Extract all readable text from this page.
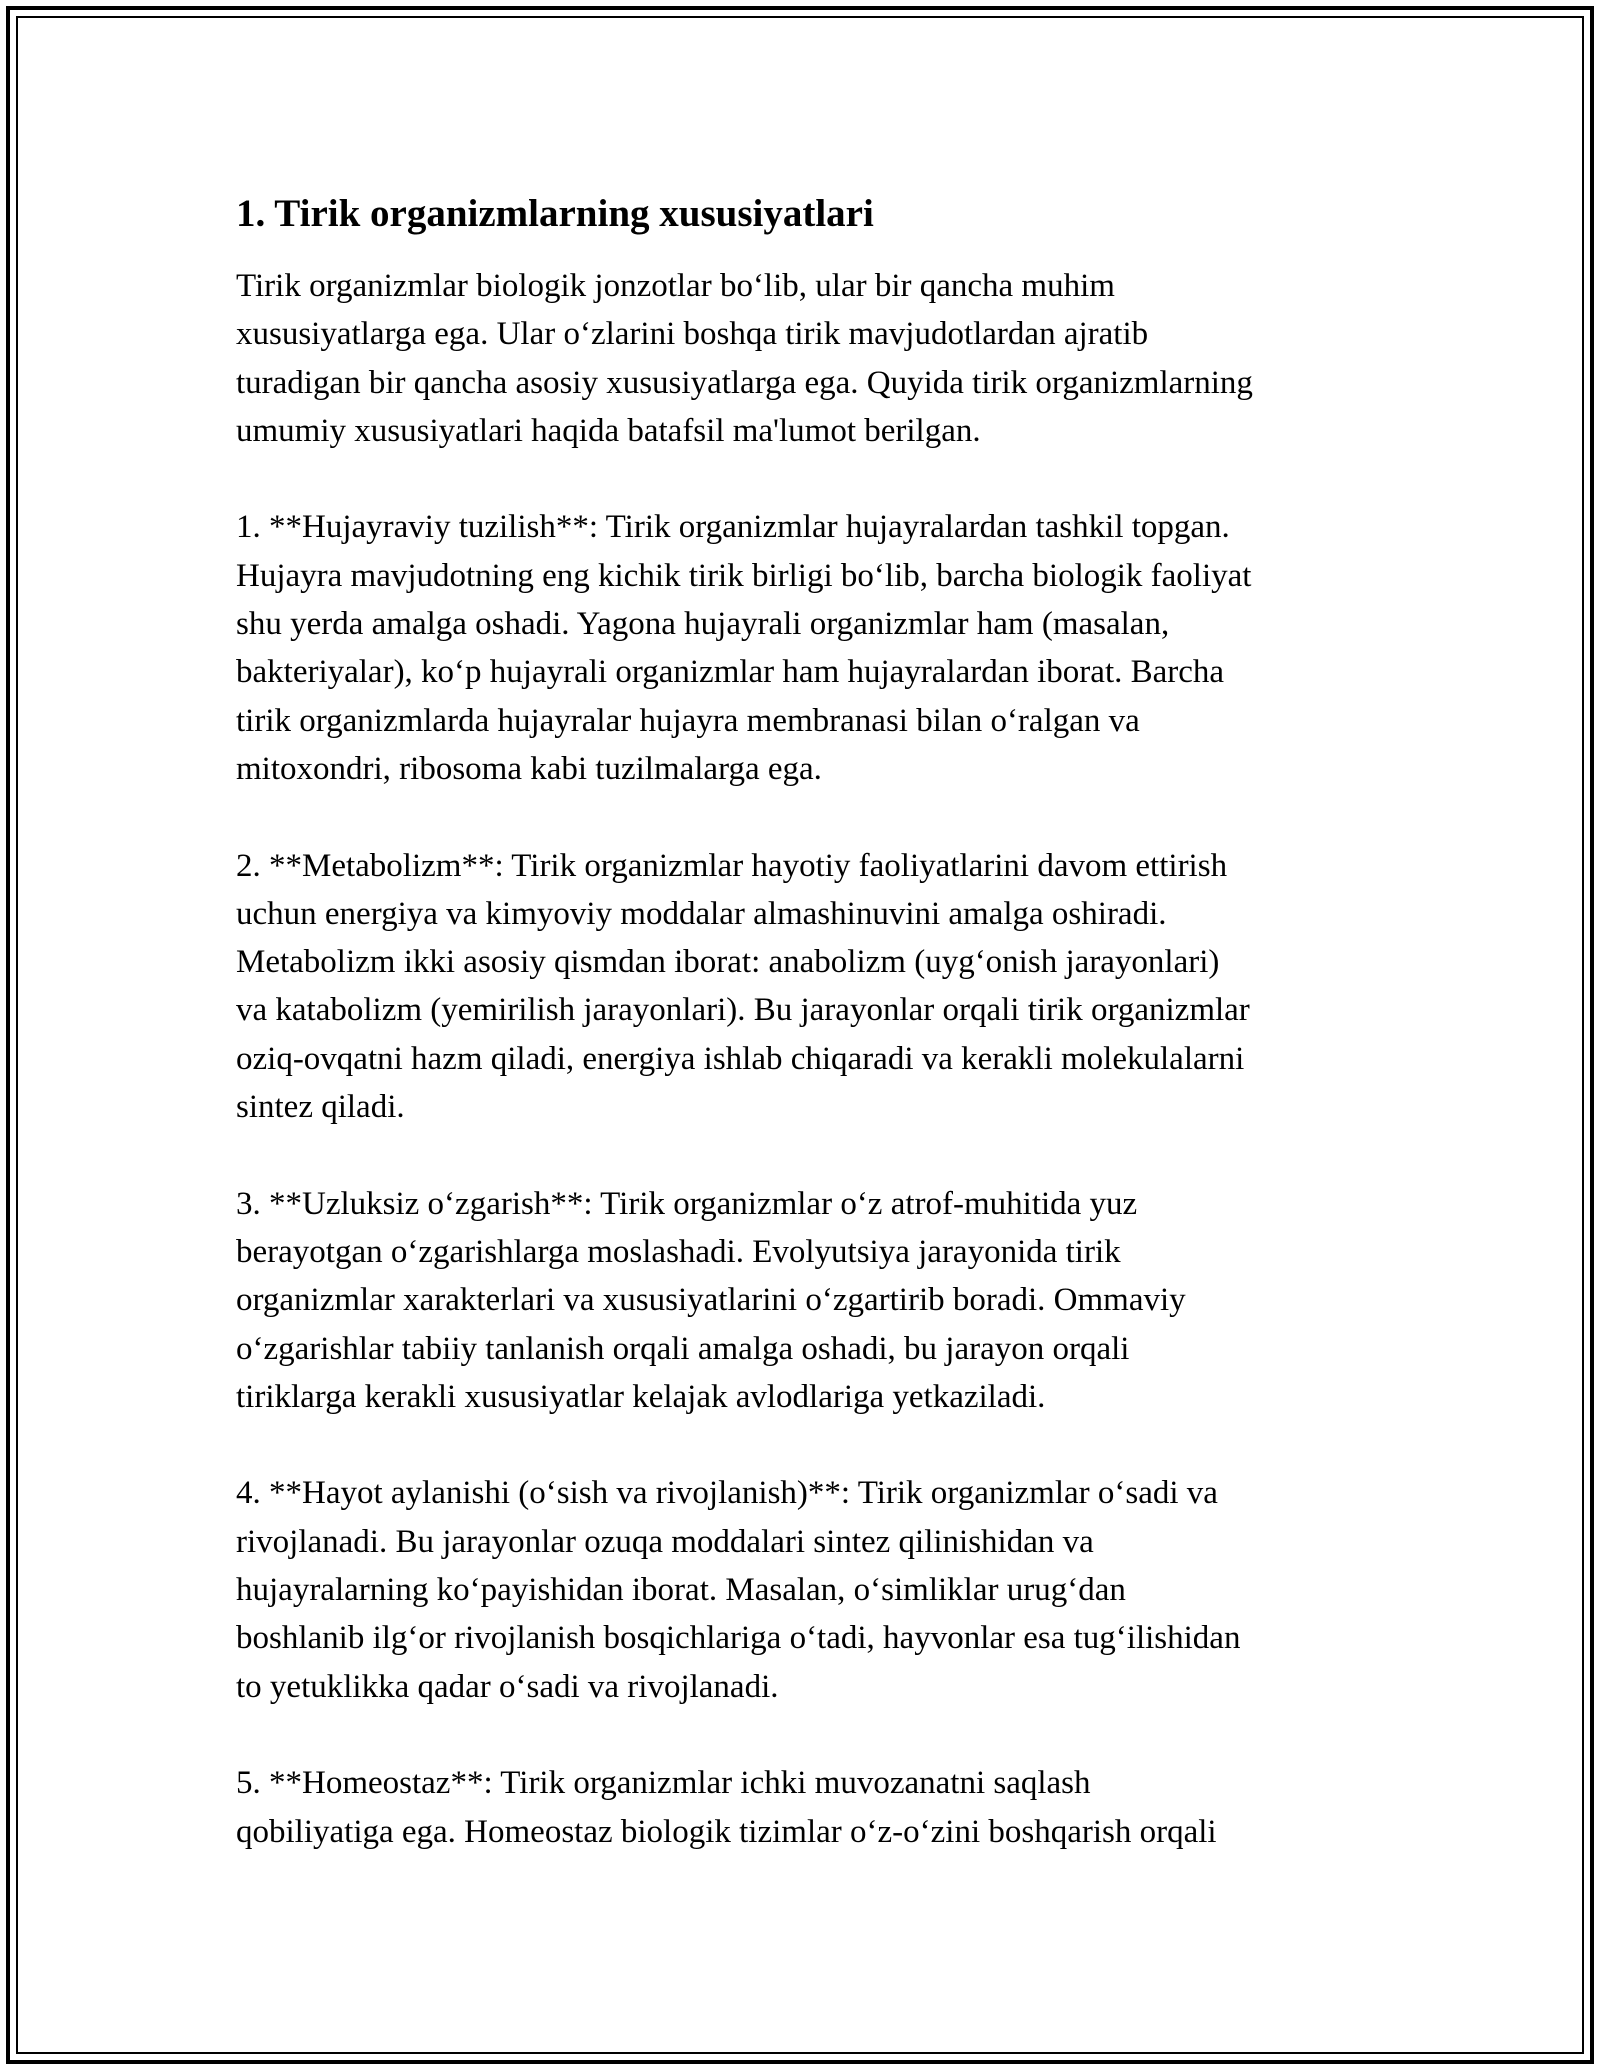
1. Tirik organizmlarning xususiyatlari
Tirik organizmlar biologik jonzotlar bo‘lib, ular bir qancha muhim
xususiyatlarga ega. Ular o‘zlarini boshqa tirik mavjudotlardan ajratib
turadigan bir qancha asosiy xususiyatlarga ega. Quyida tirik organizmlarning
umumiy xususiyatlari haqida batafsil ma'lumot berilgan.
1. **Hujayraviy tuzilish**: Tirik organizmlar hujayralardan tashkil topgan.
Hujayra mavjudotning eng kichik tirik birligi bo‘lib, barcha biologik faoliyat
shu yerda amalga oshadi. Yagona hujayrali organizmlar ham (masalan,
bakteriyalar), ko‘p hujayrali organizmlar ham hujayralardan iborat. Barcha
tirik organizmlarda hujayralar hujayra membranasi bilan o‘ralgan va
mitoxondri, ribosoma kabi tuzilmalarga ega.
2. **Metabolizm**: Tirik organizmlar hayotiy faoliyatlarini davom ettirish
uchun energiya va kimyoviy moddalar almashinuvini amalga oshiradi.
Metabolizm ikki asosiy qismdan iborat: anabolizm (uyg‘onish jarayonlari)
va katabolizm (yemirilish jarayonlari). Bu jarayonlar orqali tirik organizmlar
oziq-ovqatni hazm qiladi, energiya ishlab chiqaradi va kerakli molekulalarni
sintez qiladi.
3. **Uzluksiz o‘zgarish**: Tirik organizmlar o‘z atrof-muhitida yuz
berayotgan o‘zgarishlarga moslashadi. Evolyutsiya jarayonida tirik
organizmlar xarakterlari va xususiyatlarini o‘zgartirib boradi. Ommaviy
o‘zgarishlar tabiiy tanlanish orqali amalga oshadi, bu jarayon orqali
tiriklarga kerakli xususiyatlar kelajak avlodlariga yetkaziladi.
4. **Hayot aylanishi (o‘sish va rivojlanish)**: Tirik organizmlar o‘sadi va
rivojlanadi. Bu jarayonlar ozuqa moddalari sintez qilinishidan va
hujayralarning ko‘payishidan iborat. Masalan, o‘simliklar urug‘dan
boshlanib ilg‘or rivojlanish bosqichlariga o‘tadi, hayvonlar esa tug‘ilishidan
to yetuklikka qadar o‘sadi va rivojlanadi.
5. **Homeostaz**: Tirik organizmlar ichki muvozanatni saqlash
qobiliyatiga ega. Homeostaz biologik tizimlar o‘z-o‘zini boshqarish orqali
